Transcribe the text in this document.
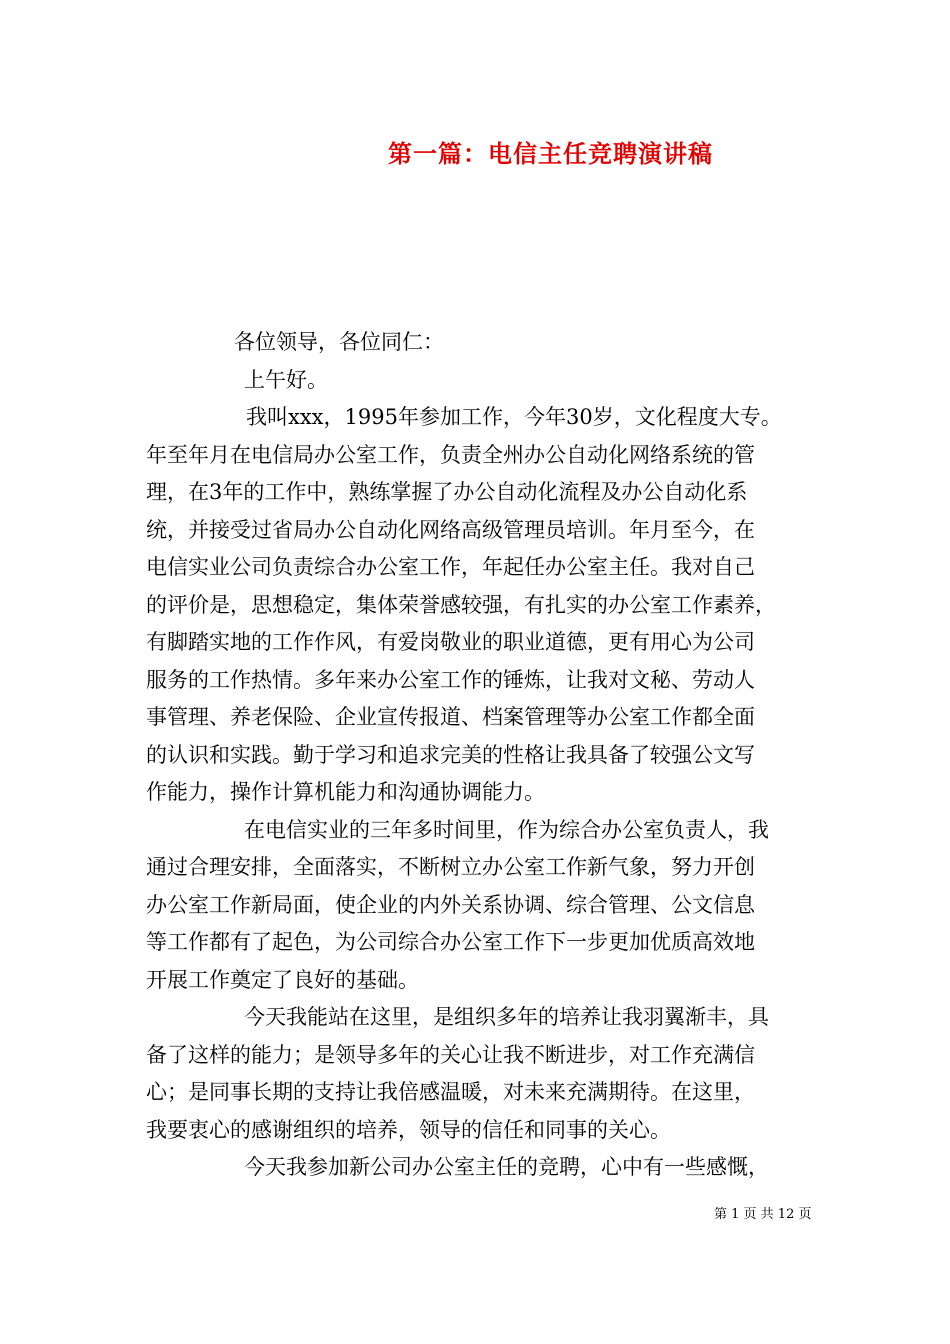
第一篇：电信主任竞聘演讲稿
各位领导，各位同仁：
上午好。
我叫xxx，1995年参加工作，今年30岁，文化程度大专。
年至年月在电信局办公室工作，负责全州办公自动化网络系统的管
理，在3年的工作中，熟练掌握了办公自动化流程及办公自动化系
统，并接受过省局办公自动化网络高级管理员培训。年月至今，在
电信实业公司负责综合办公室工作，年起任办公室主任。我对自己
的评价是，思想稳定，集体荣誉感较强，有扎实的办公室工作素养，
有脚踏实地的工作作风，有爱岗敬业的职业道德，更有用心为公司
服务的工作热情。多年来办公室工作的锤炼，让我对文秘、劳动人
事管理、养老保险、企业宣传报道、档案管理等办公室工作都全面
的认识和实践。勤于学习和追求完美的性格让我具备了较强公文写
作能力，操作计算机能力和沟通协调能力。
在电信实业的三年多时间里，作为综合办公室负责人，我
通过合理安排，全面落实，不断树立办公室工作新气象，努力开创
办公室工作新局面，使企业的内外关系协调、综合管理、公文信息
等工作都有了起色，为公司综合办公室工作下一步更加优质高效地
开展工作奠定了良好的基础。
今天我能站在这里，是组织多年的培养让我羽翼渐丰，具
备了这样的能力；是领导多年的关心让我不断进步，对工作充满信
心；是同事长期的支持让我倍感温暖，对未来充满期待。在这里，
我要衷心的感谢组织的培养，领导的信任和同事的关心。
今天我参加新公司办公室主任的竞聘，心中有一些感慨，
第 1 页 共 12 页
